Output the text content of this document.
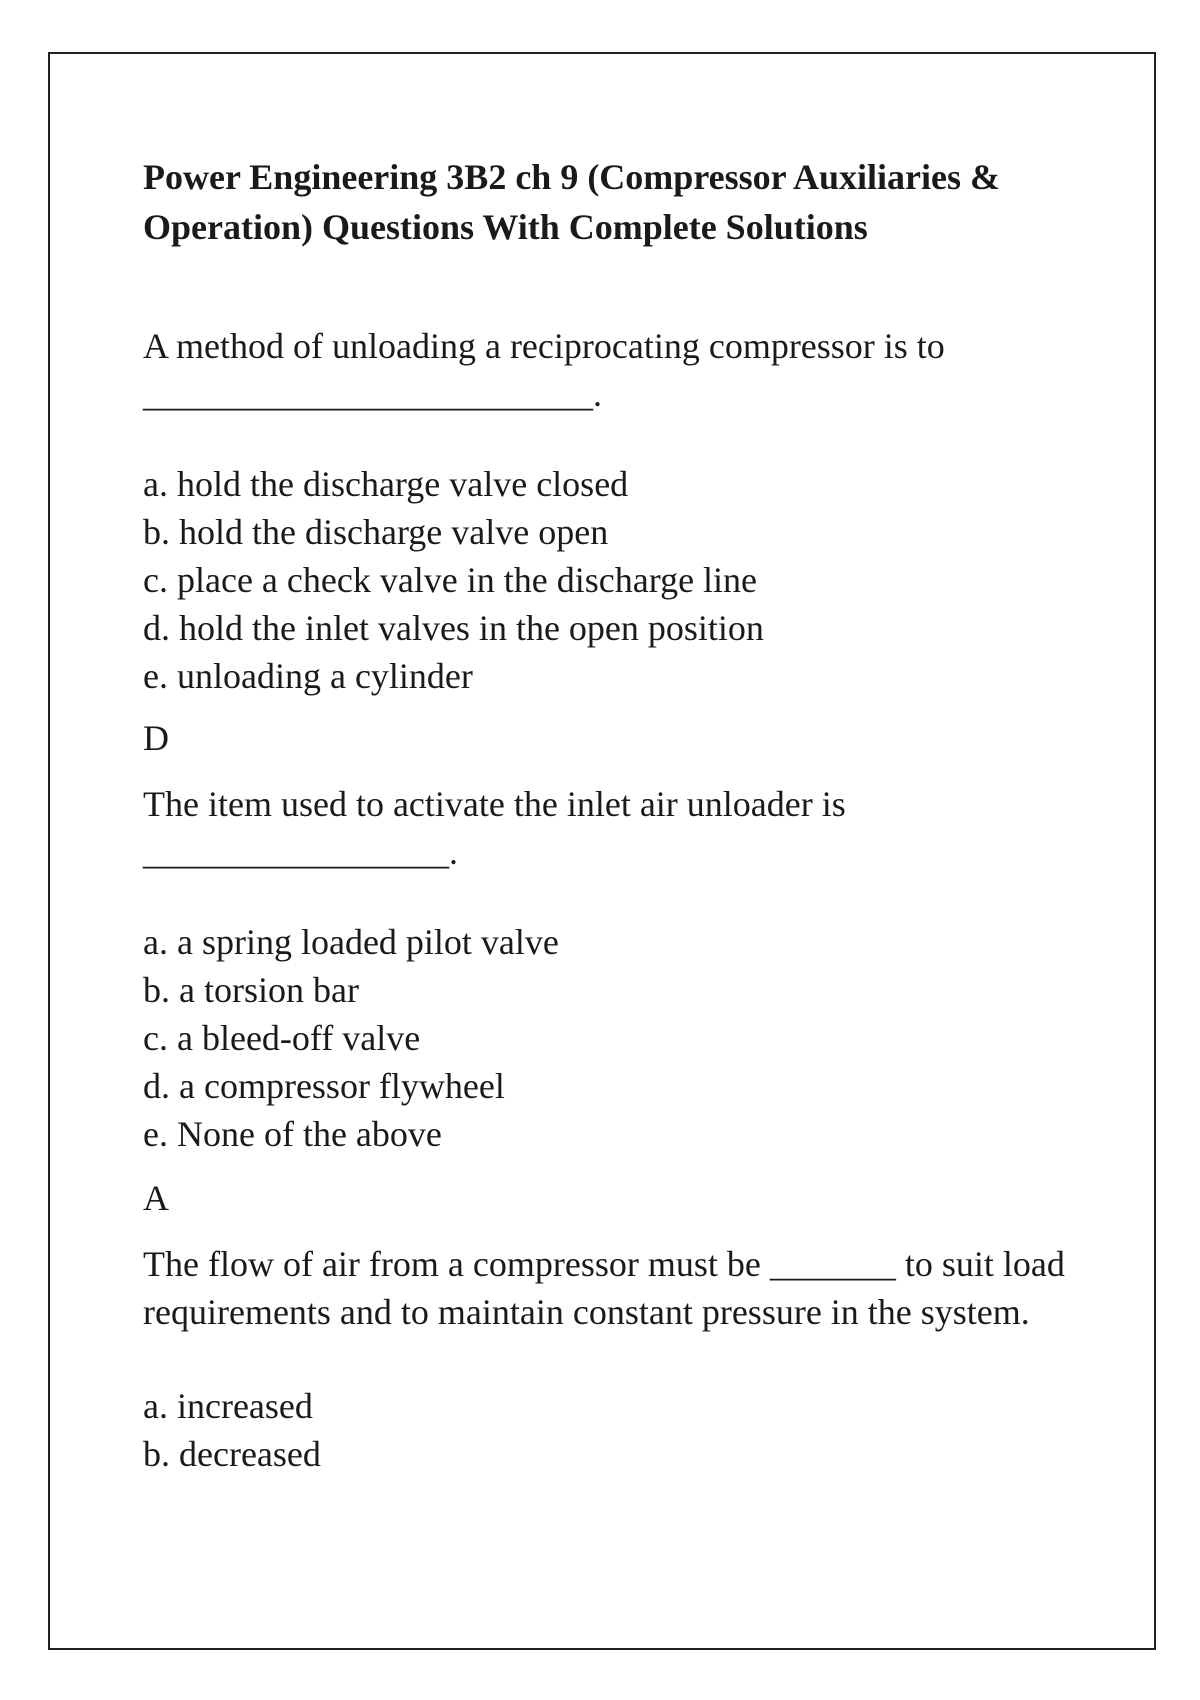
Power Engineering 3B2 ch 9 (Compressor Auxiliaries & Operation) Questions With Complete Solutions

A method of unloading a reciprocating compressor is to

_________________________.

a. hold the discharge valve closed
b. hold the discharge valve open
c. place a check valve in the discharge line
d. hold the inlet valves in the open position
e. unloading a cylinder

D

The item used to activate the inlet air unloader is

_________________.

a. a spring loaded pilot valve
b. a torsion bar
c. a bleed-off valve
d. a compressor flywheel
e. None of the above

A

The flow of air from a compressor must be _______ to suit load requirements and to maintain constant pressure in the system.

a. increased
b. decreased
